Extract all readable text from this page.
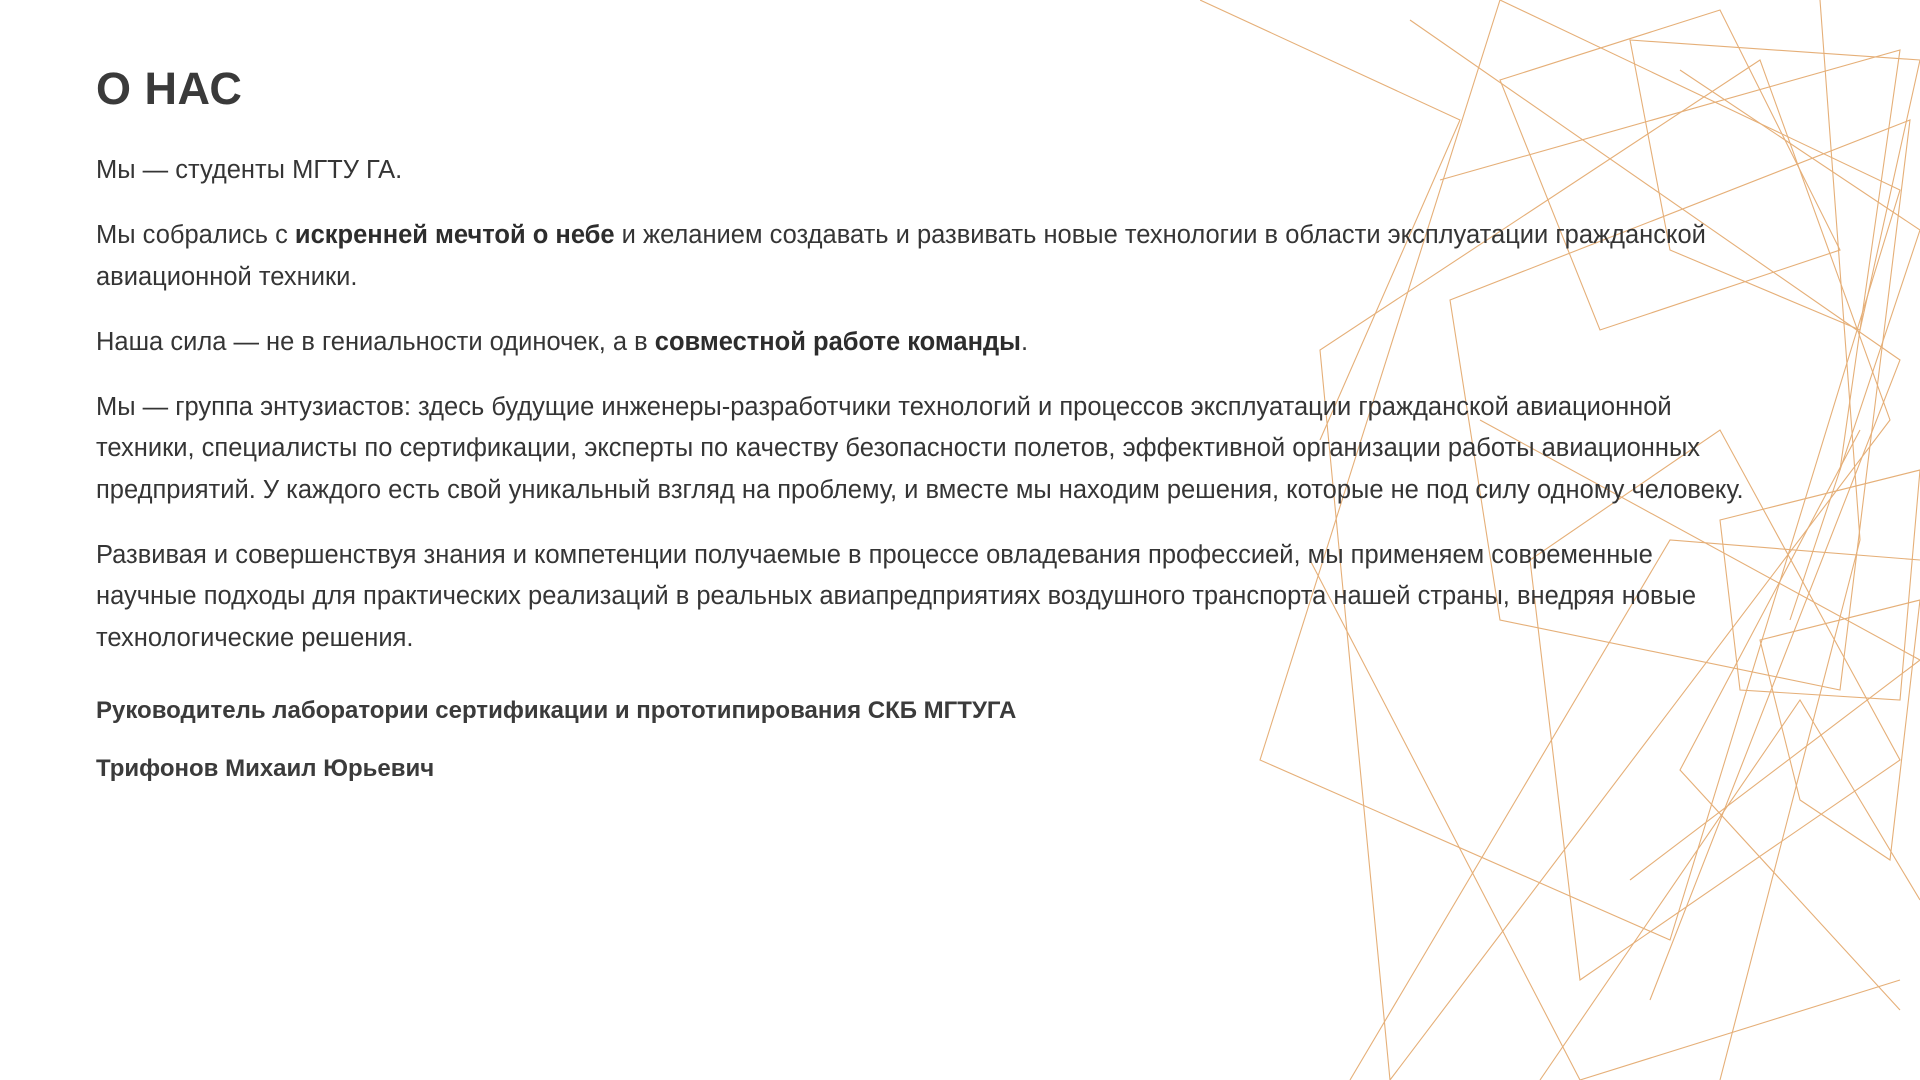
О НАС

Мы — студенты МГТУ ГА.

Мы собрались с искренней мечтой о небе и желанием создавать и развивать новые технологии в области эксплуатации гражданской авиационной техники.

Наша сила — не в гениальности одиночек, а в совместной работе команды.

Мы — группа энтузиастов: здесь будущие инженеры-разработчики технологий и процессов эксплуатации гражданской авиационной техники, специалисты по сертификации, эксперты по качеству безопасности полетов, эффективной организации работы авиационных предприятий. У каждого есть свой уникальный взгляд на проблему, и вместе мы находим решения, которые не под силу одному человеку.

Развивая и совершенствуя знания и компетенции получаемые в процессе овладевания профессией, мы применяем современные научные подходы для практических реализаций в реальных авиапредприятиях воздушного транспорта нашей страны, внедряя новые технологические решения.

Руководитель лаборатории сертификации и прототипирования СКБ МГТУГА

Трифонов Михаил Юрьевич
